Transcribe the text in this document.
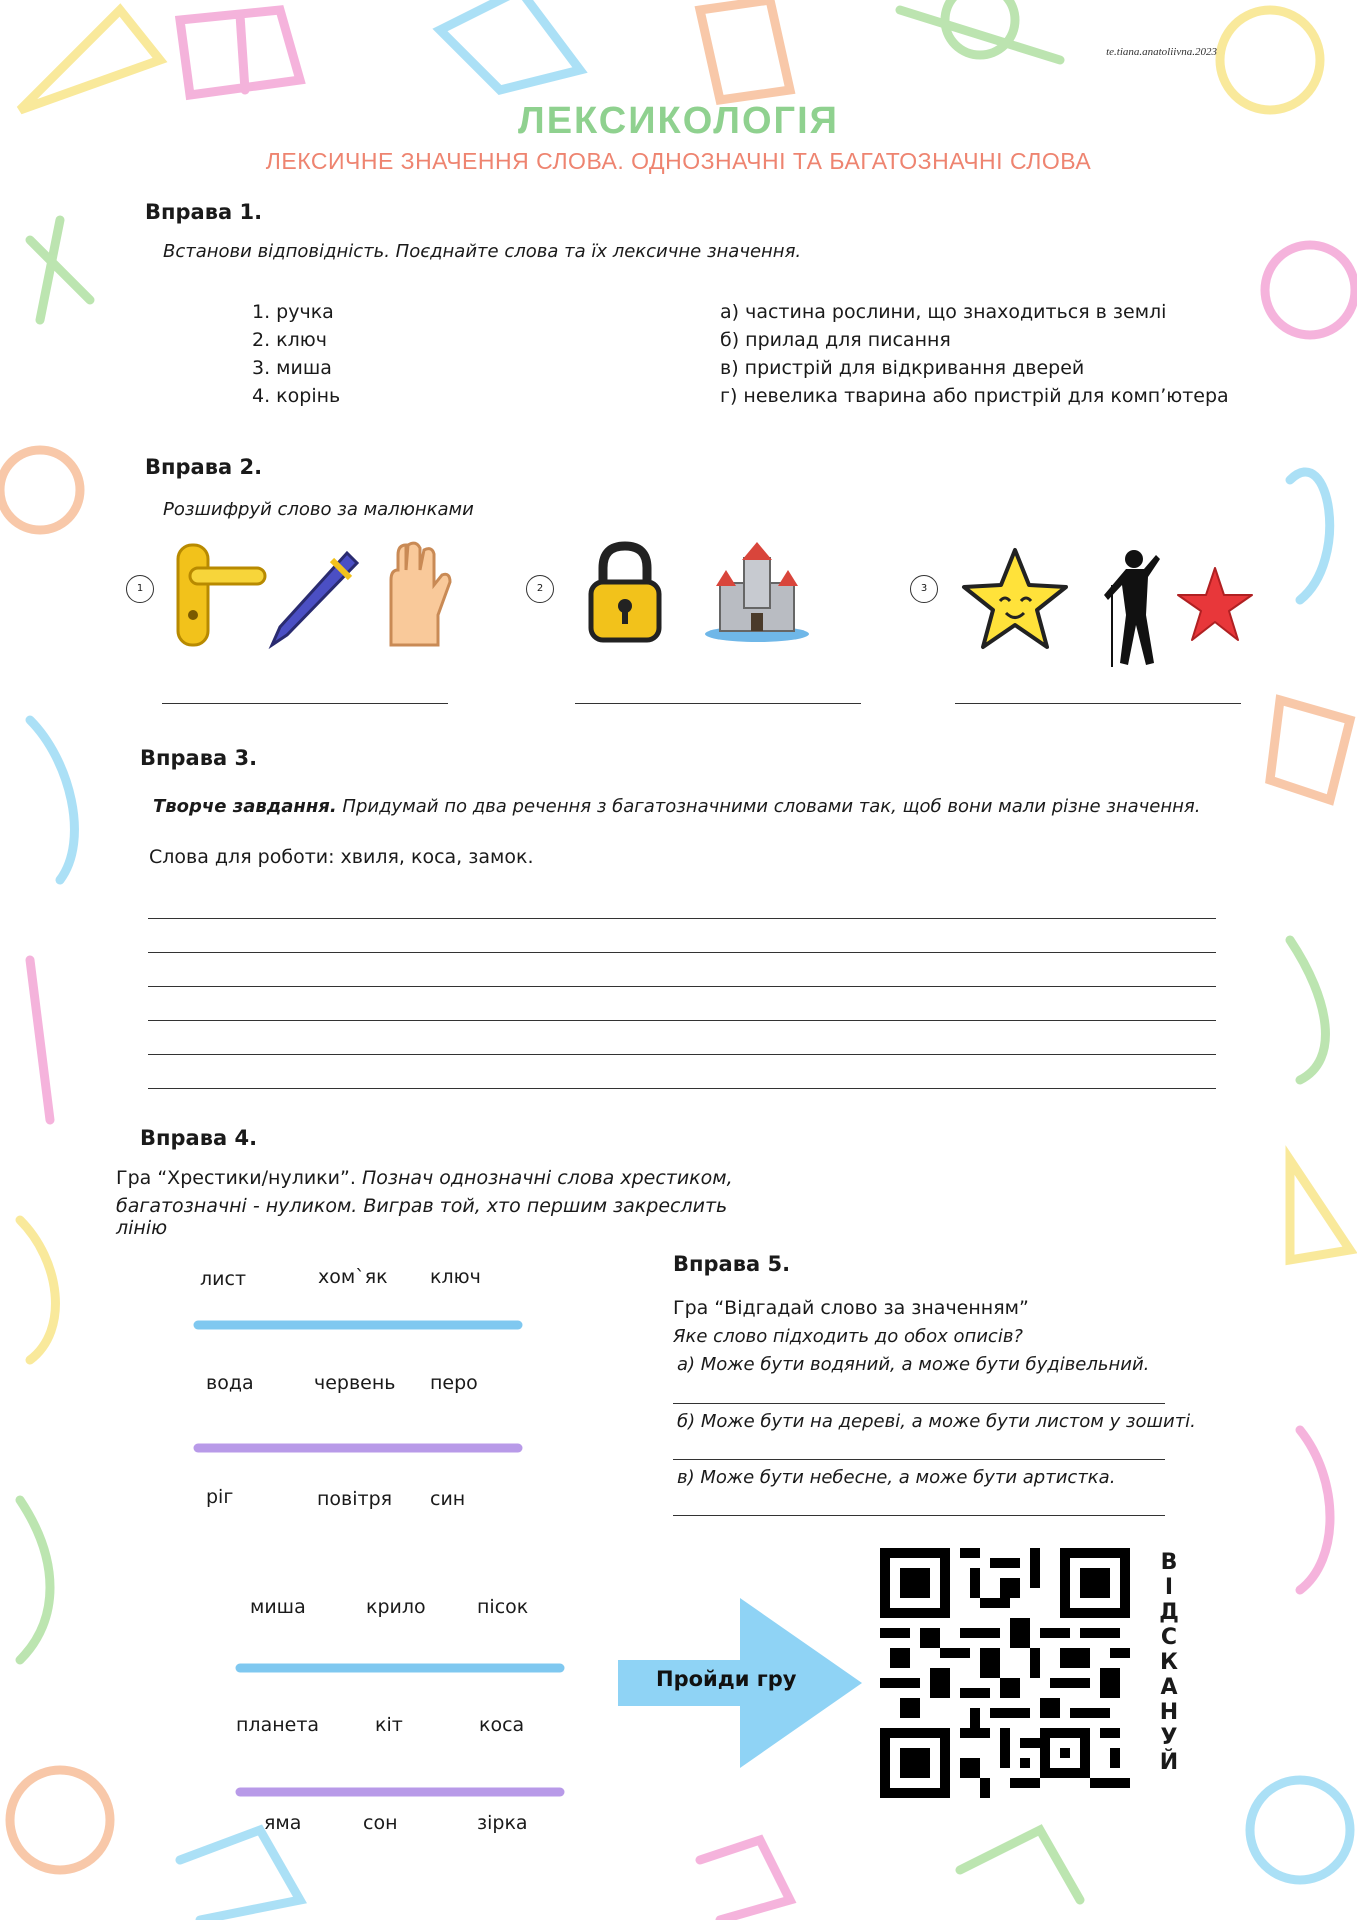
te.tiana.anatoliivna.2023
ЛЕКСИКОЛОГІЯ
ЛЕКСИЧНЕ ЗНАЧЕННЯ СЛОВА. ОДНОЗНАЧНІ ТА БАГАТОЗНАЧНІ СЛОВА
Вправа 1.
Встанови відповідність. Поєднайте слова та їх лексичне значення.
1. ручка
2. ключ
3. миша
4. корінь
а) частина рослини, що знаходиться в землі
б) прилад для писання
в) пристрій для відкривання дверей
г) невелика тварина або пристрій для комп’ютера
Вправа 2.
Розшифруй слово за малюнками
1	2	3
Вправа 3.
Творче завдання. Придумай по два речення з багатозначними словами так, щоб вони мали різне значення.
Слова для роботи: хвиля, коса, замок.
Вправа 4.
Гра “Хрестики/нулики”. Познач однозначні слова хрестиком,
багатозначні - нуликом. Виграв той, хто першим закреслить
лінію
лист	хом`як ключ
вода	червень перо
ріг	повітря син
миша	крило	пісок
планета	кіт	коса
яма	сон	зірка
Вправа 5.
Гра “Відгадай слово за значенням”
Яке слово підходить до обох описів?
а) Може бути водяний, а може бути будівельний.
б) Може бути на дереві, а може бути листом у зошиті.
в) Може бути небесне, а може бути артистка.
Пройди гру
В
І
Д
С
К
А
Н
У
Й
